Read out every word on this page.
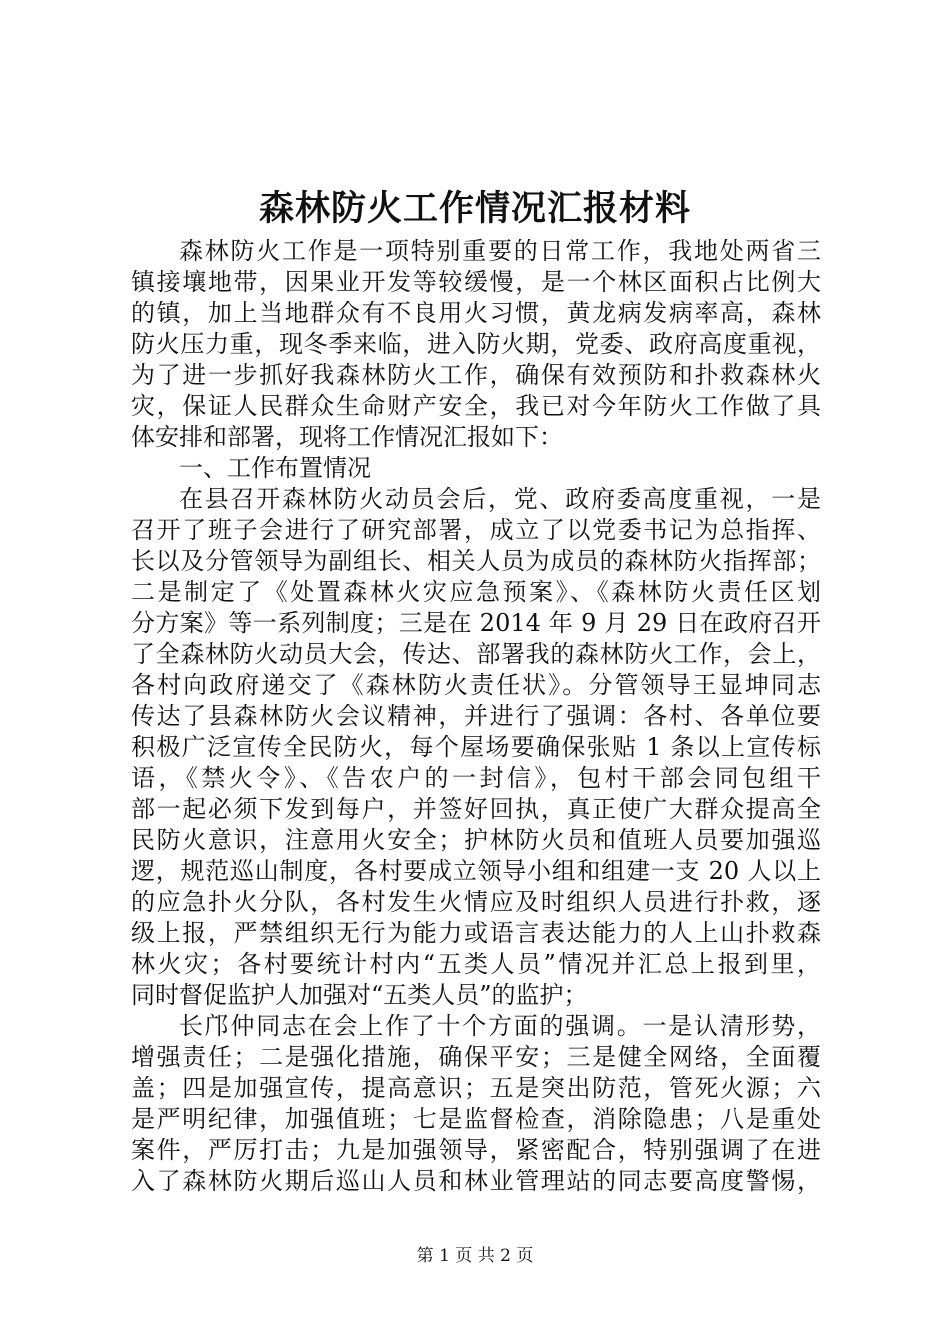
森林防火工作情况汇报材料
森林防火工作是一项特别重要的日常工作，我地处两省三
镇接壤地带，因果业开发等较缓慢，是一个林区面积占比例大
的镇，加上当地群众有不良用火习惯，黄龙病发病率高，森林
防火压力重，现冬季来临，进入防火期，党委、政府高度重视，
为了进一步抓好我森林防火工作，确保有效预防和扑救森林火
灾，保证人民群众生命财产安全，我已对今年防火工作做了具
体安排和部署，现将工作情况汇报如下：
一、工作布置情况
在县召开森林防火动员会后，党、政府委高度重视，一是
召开了班子会进行了研究部署，成立了以党委书记为总指挥、
长以及分管领导为副组长、相关人员为成员的森林防火指挥部；
二是制定了《处置森林火灾应急预案》、《森林防火责任区划
分方案》等一系列制度；三是在 2014 年 9 月 29 日在政府召开
了全森林防火动员大会，传达、部署我的森林防火工作，会上，
各村向政府递交了《森林防火责任状》。分管领导王显坤同志
传达了县森林防火会议精神，并进行了强调：各村、各单位要
积极广泛宣传全民防火，每个屋场要确保张贴 1 条以上宣传标
语，《禁火令》、《告农户的一封信》，包村干部会同包组干
部一起必须下发到每户，并签好回执，真正使广大群众提高全
民防火意识，注意用火安全；护林防火员和值班人员要加强巡
逻，规范巡山制度，各村要成立领导小组和组建一支 20 人以上
的应急扑火分队，各村发生火情应及时组织人员进行扑救，逐
级上报，严禁组织无行为能力或语言表达能力的人上山扑救森
林火灾；各村要统计村内“五类人员”情况并汇总上报到里，
同时督促监护人加强对“五类人员”的监护；
长邝仲同志在会上作了十个方面的强调。一是认清形势，
增强责任；二是强化措施，确保平安；三是健全网络，全面覆
盖；四是加强宣传，提高意识；五是突出防范，管死火源；六
是严明纪律，加强值班；七是监督检查，消除隐患；八是重处
案件，严厉打击；九是加强领导，紧密配合，特别强调了在进
入了森林防火期后巡山人员和林业管理站的同志要高度警惕，
第 1 页 共 2 页
